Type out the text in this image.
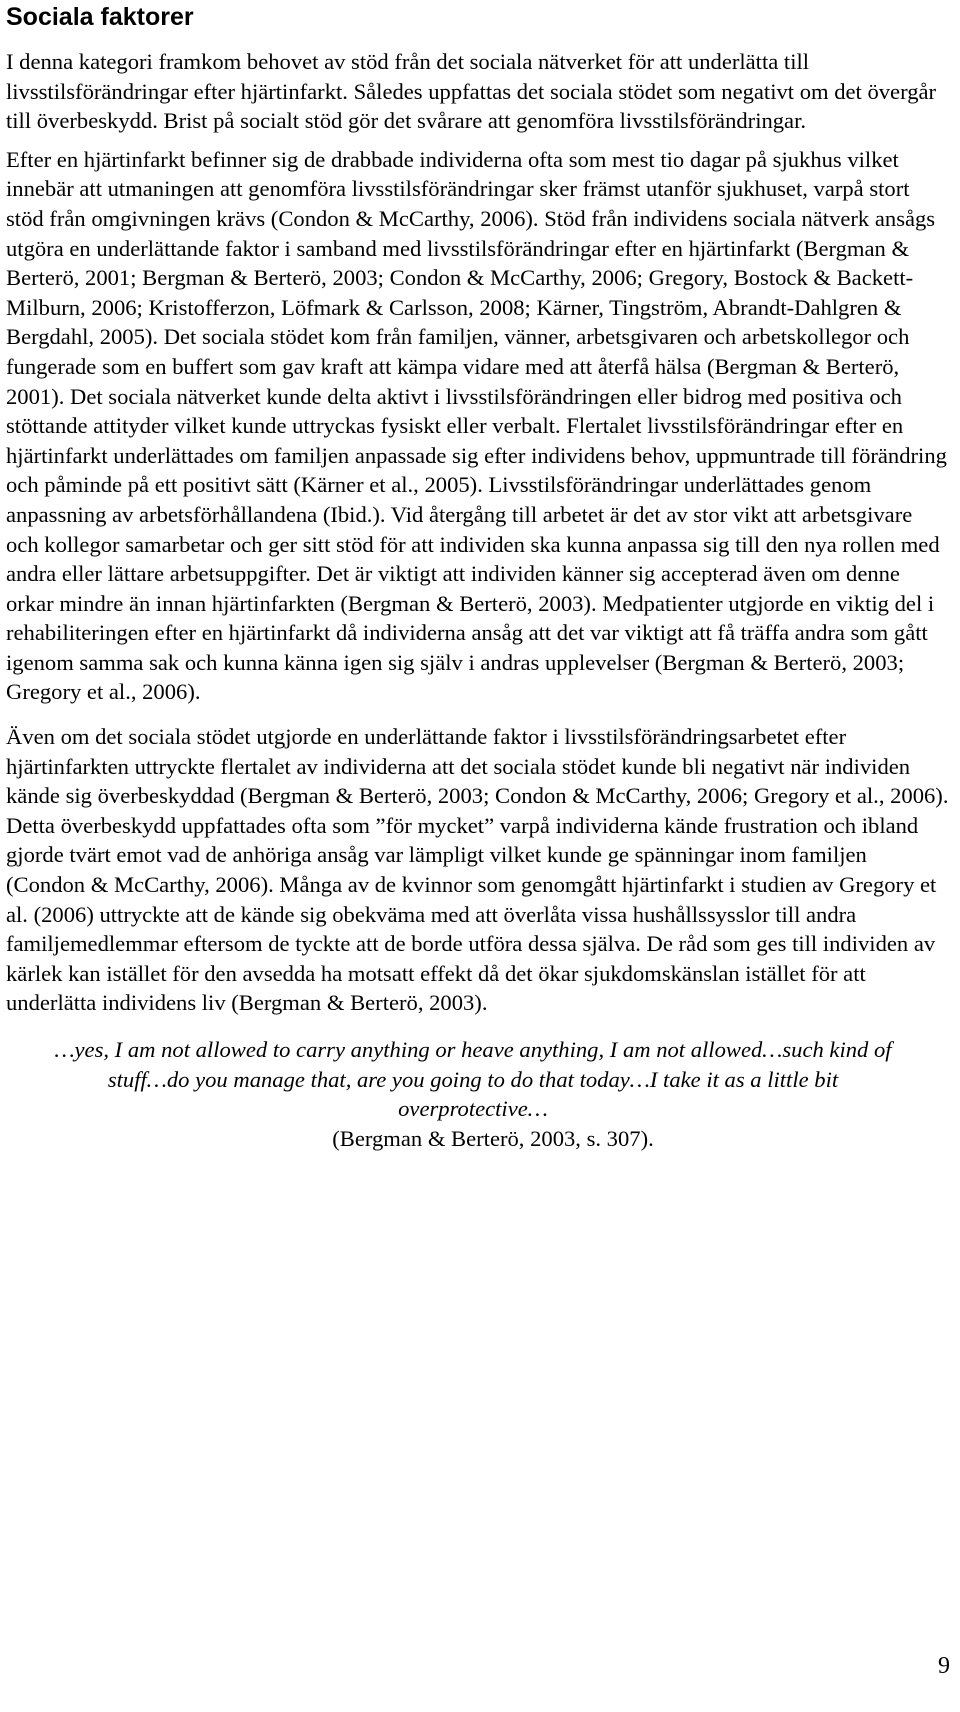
Sociala faktorer

I denna kategori framkom behovet av stöd från det sociala nätverket för att underlätta till livsstilsförändringar efter hjärtinfarkt. Således uppfattas det sociala stödet som negativt om det övergår till överbeskydd. Brist på socialt stöd gör det svårare att genomföra livsstilsförändringar.

Efter en hjärtinfarkt befinner sig de drabbade individerna ofta som mest tio dagar på sjukhus vilket innebär att utmaningen att genomföra livsstilsförändringar sker främst utanför sjukhuset, varpå stort stöd från omgivningen krävs (Condon & McCarthy, 2006). Stöd från individens sociala nätverk ansågs utgöra en underlättande faktor i samband med livsstilsförändringar efter en hjärtinfarkt (Bergman & Berterö, 2001; Bergman & Berterö, 2003; Condon & McCarthy, 2006; Gregory, Bostock & Backett-Milburn, 2006; Kristofferzon, Löfmark & Carlsson, 2008; Kärner, Tingström, Abrandt-Dahlgren & Bergdahl, 2005). Det sociala stödet kom från familjen, vänner, arbetsgivaren och arbetskollegor och fungerade som en buffert som gav kraft att kämpa vidare med att återfå hälsa (Bergman & Berterö, 2001). Det sociala nätverket kunde delta aktivt i livsstilsförändringen eller bidrog med positiva och stöttande attityder vilket kunde uttryckas fysiskt eller verbalt. Flertalet livsstilsförändringar efter en hjärtinfarkt underlättades om familjen anpassade sig efter individens behov, uppmuntrade till förändring och påminde på ett positivt sätt (Kärner et al., 2005). Livsstilsförändringar underlättades genom anpassning av arbetsförhållandena (Ibid.). Vid återgång till arbetet är det av stor vikt att arbetsgivare och kollegor samarbetar och ger sitt stöd för att individen ska kunna anpassa sig till den nya rollen med andra eller lättare arbetsuppgifter. Det är viktigt att individen känner sig accepterad även om denne orkar mindre än innan hjärtinfarkten (Bergman & Berterö, 2003). Medpatienter utgjorde en viktig del i rehabiliteringen efter en hjärtinfarkt då individerna ansåg att det var viktigt att få träffa andra som gått igenom samma sak och kunna känna igen sig själv i andras upplevelser (Bergman & Berterö, 2003; Gregory et al., 2006).

Även om det sociala stödet utgjorde en underlättande faktor i livsstilsförändringsarbetet efter hjärtinfarkten uttryckte flertalet av individerna att det sociala stödet kunde bli negativt när individen kände sig överbeskyddad (Bergman & Berterö, 2003; Condon & McCarthy, 2006; Gregory et al., 2006). Detta överbeskydd uppfattades ofta som ”för mycket” varpå individerna kände frustration och ibland gjorde tvärt emot vad de anhöriga ansåg var lämpligt vilket kunde ge spänningar inom familjen (Condon & McCarthy, 2006). Många av de kvinnor som genomgått hjärtinfarkt i studien av Gregory et al. (2006) uttryckte att de kände sig obekväma med att överlåta vissa hushållssysslor till andra familjemedlemmar eftersom de tyckte att de borde utföra dessa själva. De råd som ges till individen av kärlek kan istället för den avsedda ha motsatt effekt då det ökar sjukdomskänslan istället för att underlätta individens liv (Bergman & Berterö, 2003).

…yes, I am not allowed to carry anything or heave anything, I am not allowed…such kind of stuff…do you manage that, are you going to do that today…I take it as a little bit overprotective…
(Bergman & Berterö, 2003, s. 307).
9
